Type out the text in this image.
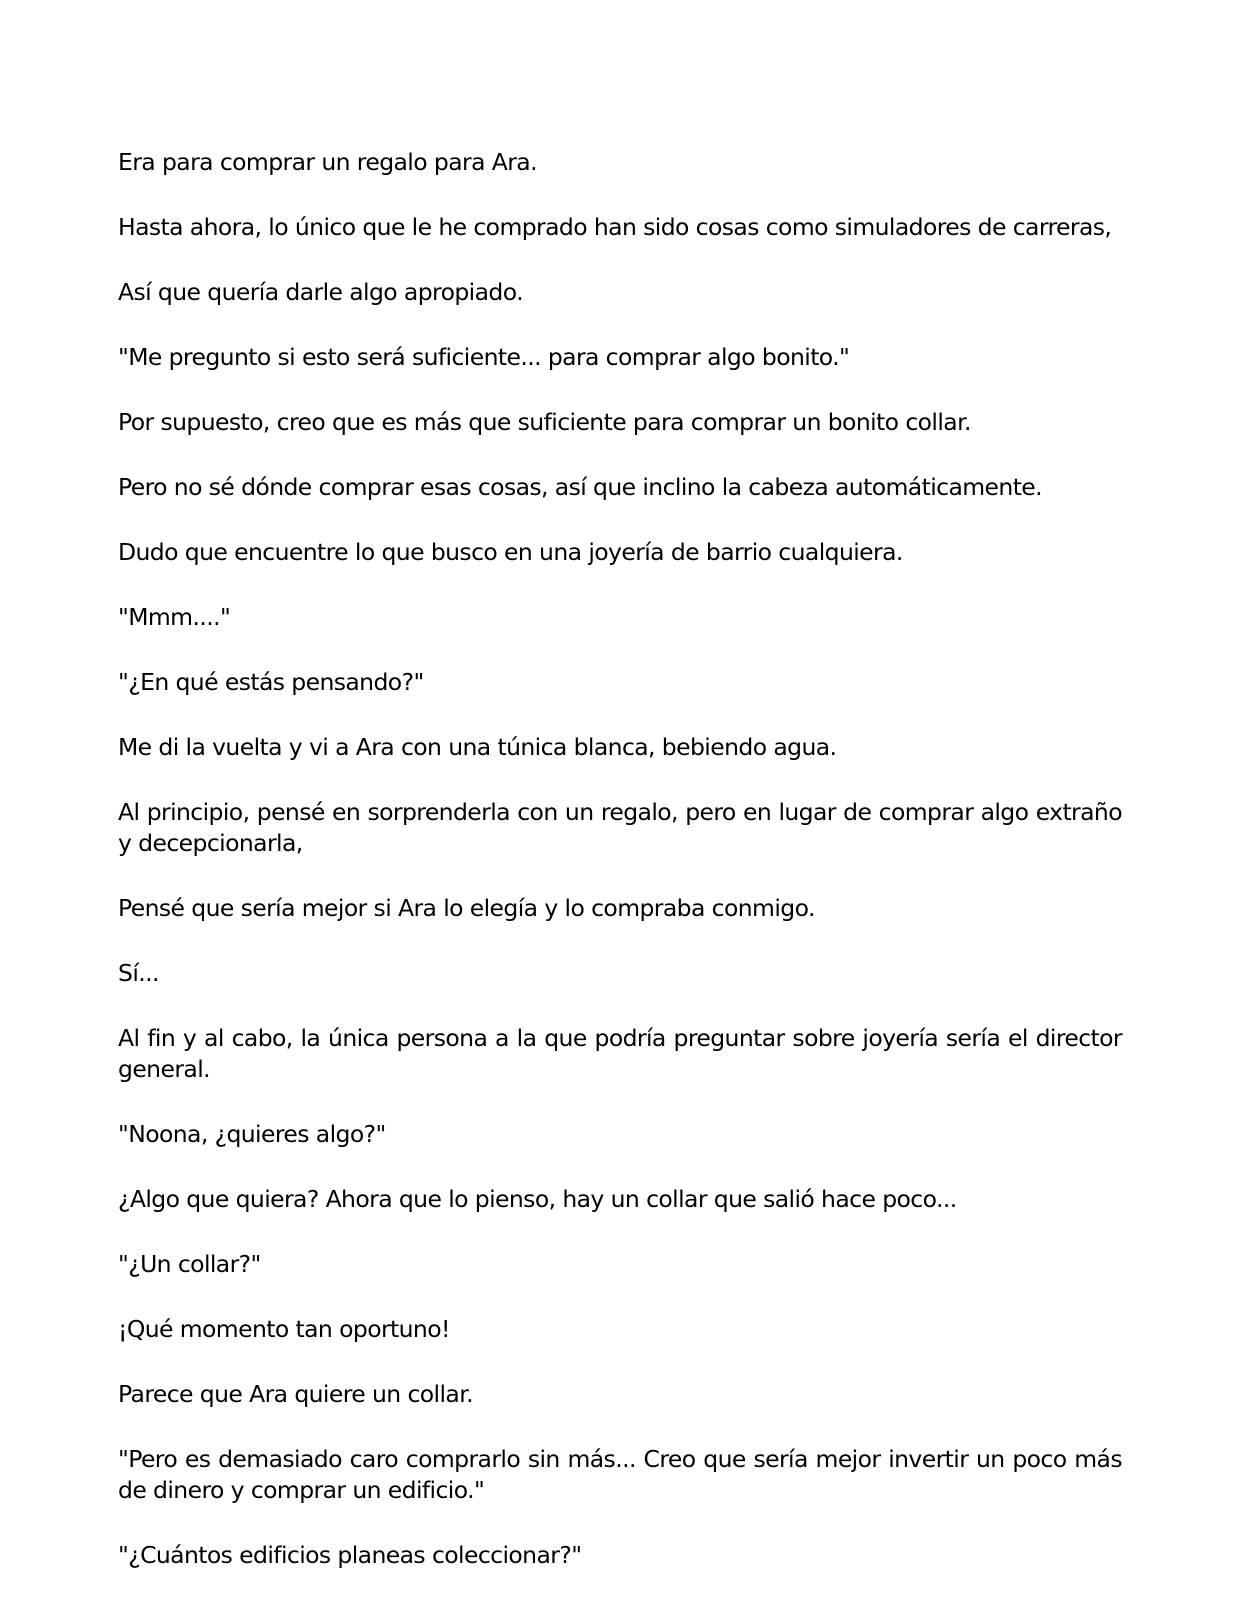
Era para comprar un regalo para Ara.

Hasta ahora, lo único que le he comprado han sido cosas como simuladores de carreras,

Así que quería darle algo apropiado.

"Me pregunto si esto será suficiente... para comprar algo bonito."

Por supuesto, creo que es más que suficiente para comprar un bonito collar.

Pero no sé dónde comprar esas cosas, así que inclino la cabeza automáticamente.

Dudo que encuentre lo que busco en una joyería de barrio cualquiera.

"Mmm...."

"¿En qué estás pensando?"

Me di la vuelta y vi a Ara con una túnica blanca, bebiendo agua.

Al principio, pensé en sorprenderla con un regalo, pero en lugar de comprar algo extraño y decepcionarla,

Pensé que sería mejor si Ara lo elegía y lo compraba conmigo.

Sí...

Al fin y al cabo, la única persona a la que podría preguntar sobre joyería sería el director general.

"Noona, ¿quieres algo?"

¿Algo que quiera? Ahora que lo pienso, hay un collar que salió hace poco...

"¿Un collar?"

¡Qué momento tan oportuno!

Parece que Ara quiere un collar.

"Pero es demasiado caro comprarlo sin más... Creo que sería mejor invertir un poco más de dinero y comprar un edificio."

"¿Cuántos edificios planeas coleccionar?"
